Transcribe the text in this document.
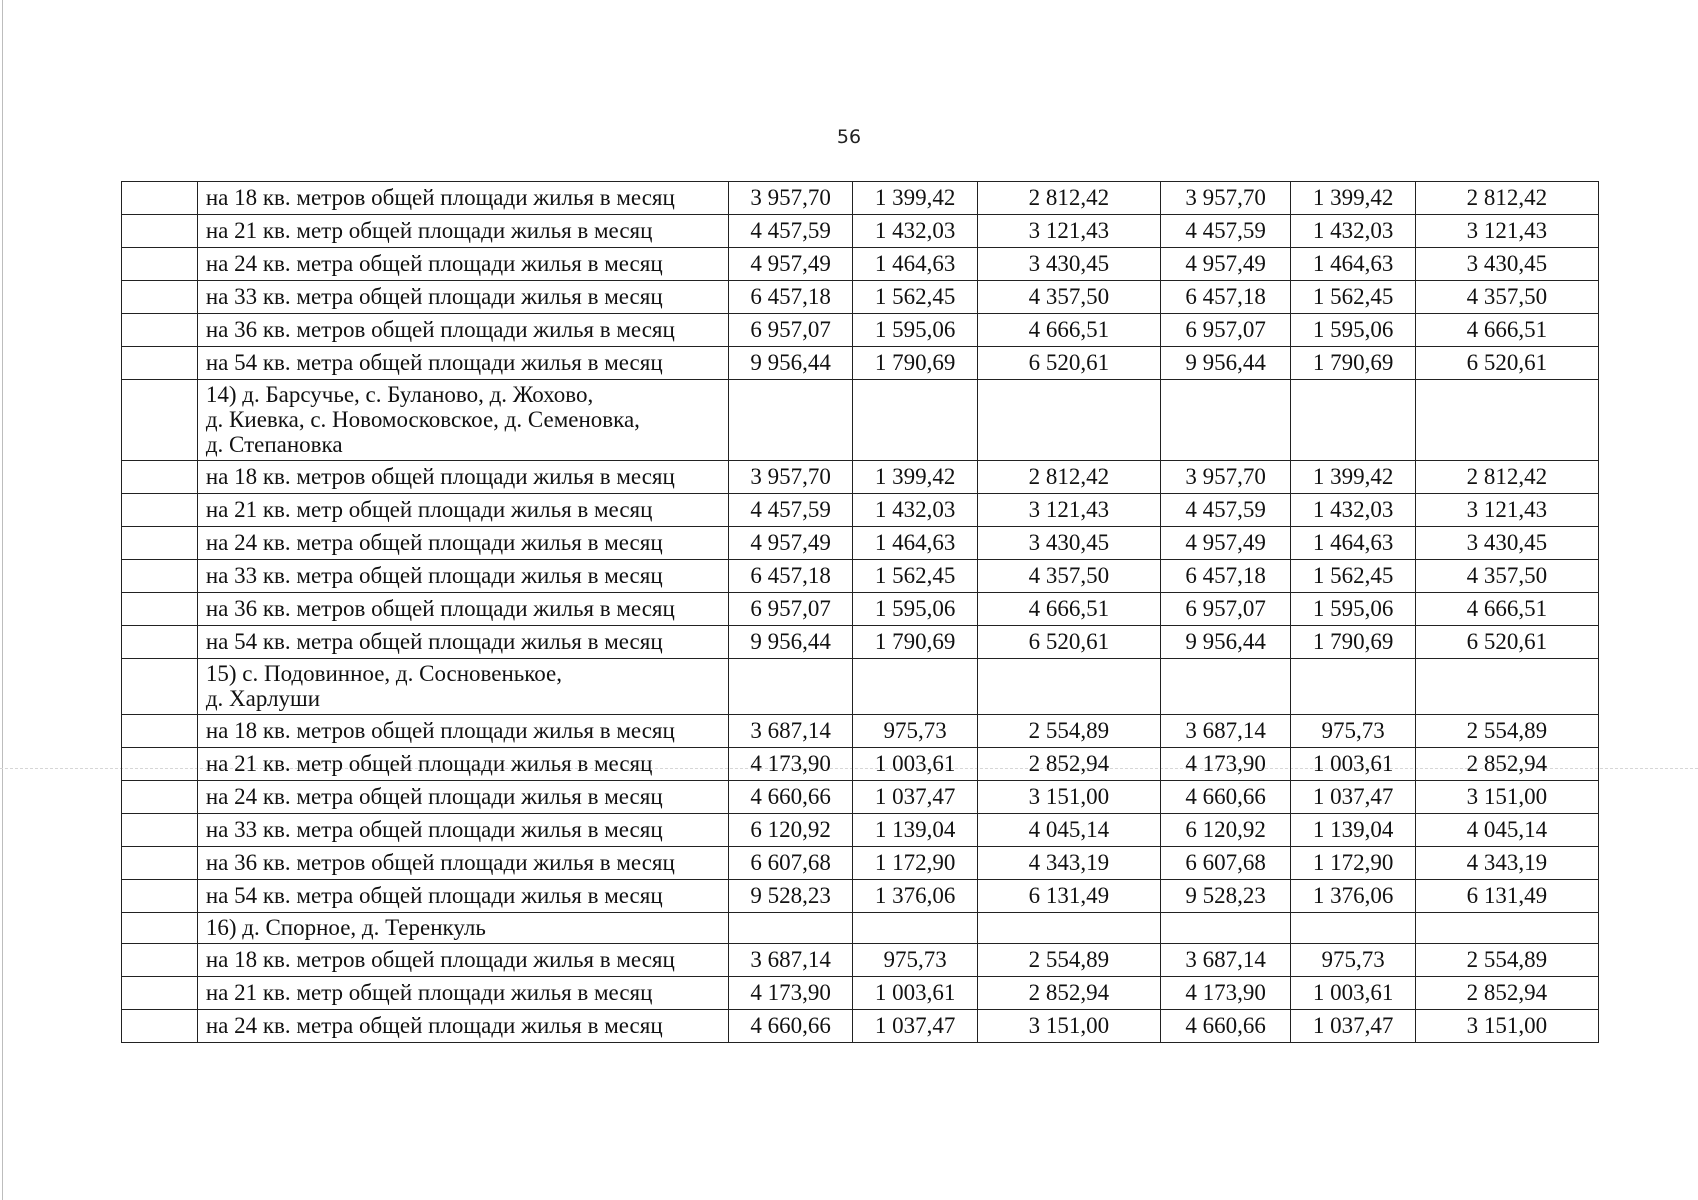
56
	на 18 кв. метров общей площади жилья в месяц	3 957,70	1 399,42	2 812,42	3 957,70	1 399,42	2 812,42
	на 21 кв. метр общей площади жилья в месяц	4 457,59	1 432,03	3 121,43	4 457,59	1 432,03	3 121,43
	на 24 кв. метра общей площади жилья в месяц	4 957,49	1 464,63	3 430,45	4 957,49	1 464,63	3 430,45
	на 33 кв. метра общей площади жилья в месяц	6 457,18	1 562,45	4 357,50	6 457,18	1 562,45	4 357,50
	на 36 кв. метров общей площади жилья в месяц	6 957,07	1 595,06	4 666,51	6 957,07	1 595,06	4 666,51
	на 54 кв. метра общей площади жилья в месяц	9 956,44	1 790,69	6 520,61	9 956,44	1 790,69	6 520,61

	14) д. Барсучье, с. Буланово, д. Жохово,
д. Киевка, с. Новомосковское, д. Семеновка,
д. Степановка						

	на 18 кв. метров общей площади жилья в месяц	3 957,70	1 399,42	2 812,42	3 957,70	1 399,42	2 812,42
	на 21 кв. метр общей площади жилья в месяц	4 457,59	1 432,03	3 121,43	4 457,59	1 432,03	3 121,43
	на 24 кв. метра общей площади жилья в месяц	4 957,49	1 464,63	3 430,45	4 957,49	1 464,63	3 430,45
	на 33 кв. метра общей площади жилья в месяц	6 457,18	1 562,45	4 357,50	6 457,18	1 562,45	4 357,50
	на 36 кв. метров общей площади жилья в месяц	6 957,07	1 595,06	4 666,51	6 957,07	1 595,06	4 666,51
	на 54 кв. метра общей площади жилья в месяц	9 956,44	1 790,69	6 520,61	9 956,44	1 790,69	6 520,61

	15) с. Подовинное, д. Сосновенькое,
д. Харлуши						

	на 18 кв. метров общей площади жилья в месяц	3 687,14	975,73	2 554,89	3 687,14	975,73	2 554,89
	на 21 кв. метр общей площади жилья в месяц	4 173,90	1 003,61	2 852,94	4 173,90	1 003,61	2 852,94
	на 24 кв. метра общей площади жилья в месяц	4 660,66	1 037,47	3 151,00	4 660,66	1 037,47	3 151,00
	на 33 кв. метра общей площади жилья в месяц	6 120,92	1 139,04	4 045,14	6 120,92	1 139,04	4 045,14
	на 36 кв. метров общей площади жилья в месяц	6 607,68	1 172,90	4 343,19	6 607,68	1 172,90	4 343,19
	на 54 кв. метра общей площади жилья в месяц	9 528,23	1 376,06	6 131,49	9 528,23	1 376,06	6 131,49

	16) д. Спорное, д. Теренкуль						

	на 18 кв. метров общей площади жилья в месяц	3 687,14	975,73	2 554,89	3 687,14	975,73	2 554,89
	на 21 кв. метр общей площади жилья в месяц	4 173,90	1 003,61	2 852,94	4 173,90	1 003,61	2 852,94
	на 24 кв. метра общей площади жилья в месяц	4 660,66	1 037,47	3 151,00	4 660,66	1 037,47	3 151,00
